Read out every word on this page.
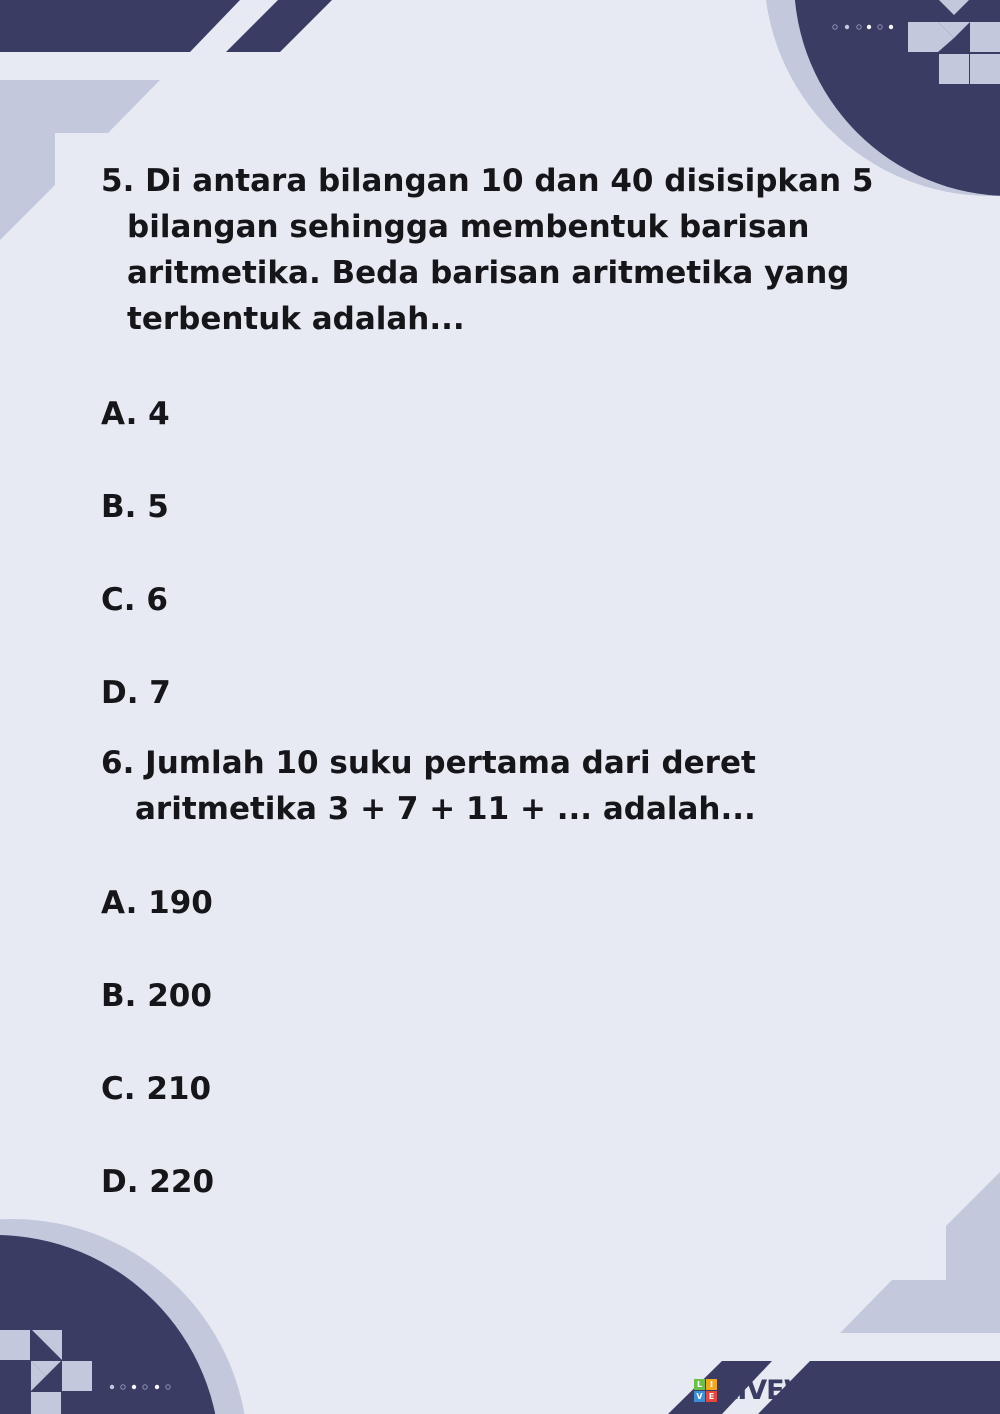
5. Di antara bilangan 10 dan 40 disisipkan 5
bilangan sehingga membentuk barisan
aritmetika. Beda barisan aritmetika yang
terbentuk adalah...
A. 4
B. 5
C. 6
D. 7
6. Jumlah 10 suku pertama dari deret
aritmetika 3 + 7 + 11 + ... adalah...
A. 190
B. 200
C. 210
D. 220
L I
V E LIVEWORKSHEETS
